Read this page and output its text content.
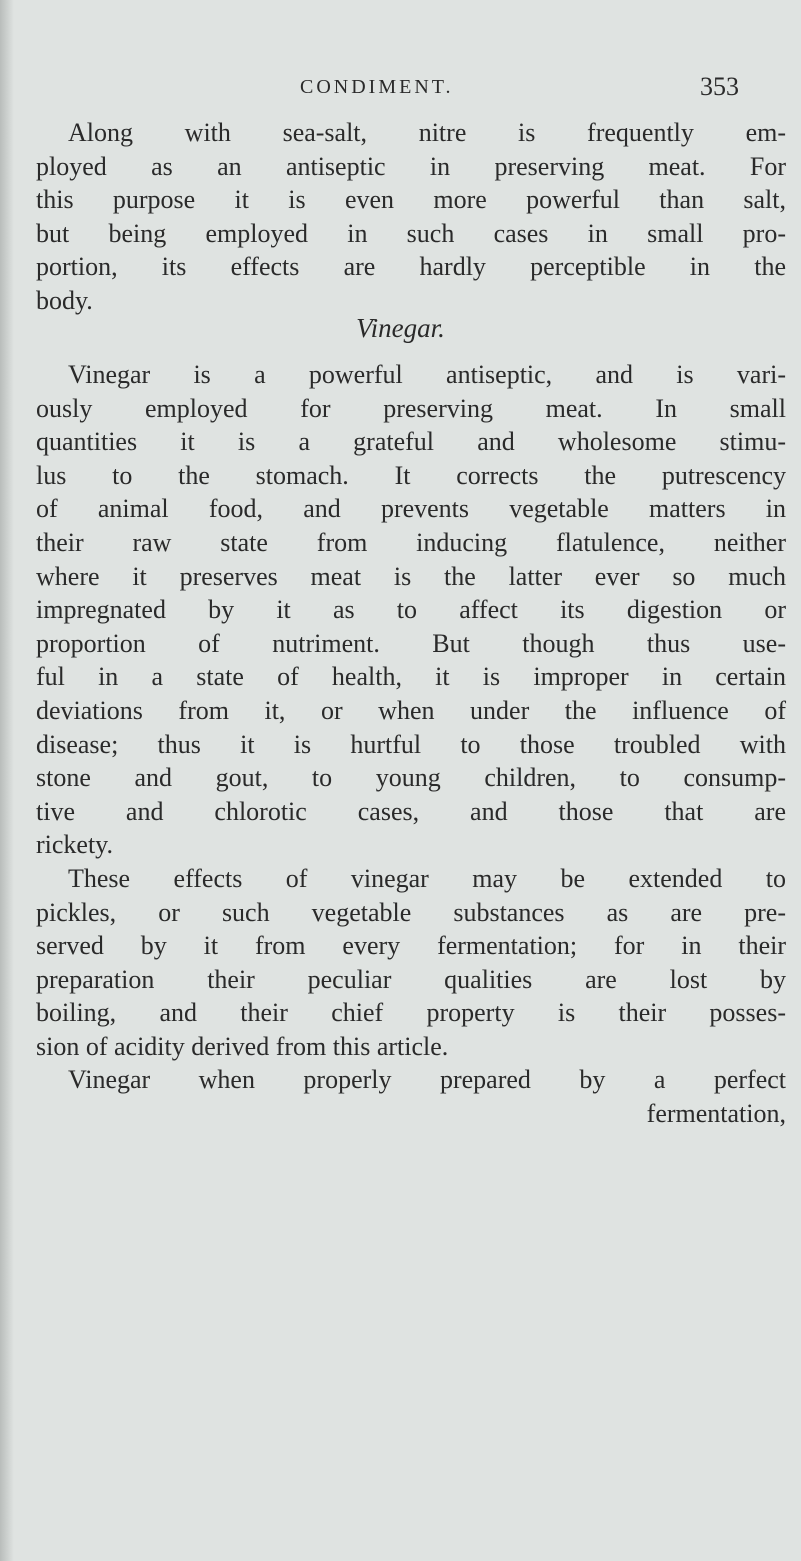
CONDIMENT.	353
Along with sea-salt, nitre is frequently em-
ployed as an antiseptic in preserving meat. For
this purpose it is even more powerful than salt,
but being employed in such cases in small pro-
portion, its effects are hardly perceptible in the
body.
Vinegar.
Vinegar is a powerful antiseptic, and is vari-
ously employed for preserving meat. In small
quantities it is a grateful and wholesome stimu-
lus to the stomach. It corrects the putrescency
of animal food, and prevents vegetable matters in
their raw state from inducing flatulence, neither
where it preserves meat is the latter ever so much
impregnated by it as to affect its digestion or
proportion of nutriment. But though thus use-
ful in a state of health, it is improper in certain
deviations from it, or when under the influence of
disease; thus it is hurtful to those troubled with
stone and gout, to young children, to consump-
tive and chlorotic cases, and those that are
rickety.
These effects of vinegar may be extended to
pickles, or such vegetable substances as are pre-
served by it from every fermentation; for in their
preparation their peculiar qualities are lost by
boiling, and their chief property is their posses-
sion of acidity derived from this article.
Vinegar when properly prepared by a perfect
fermentation,
